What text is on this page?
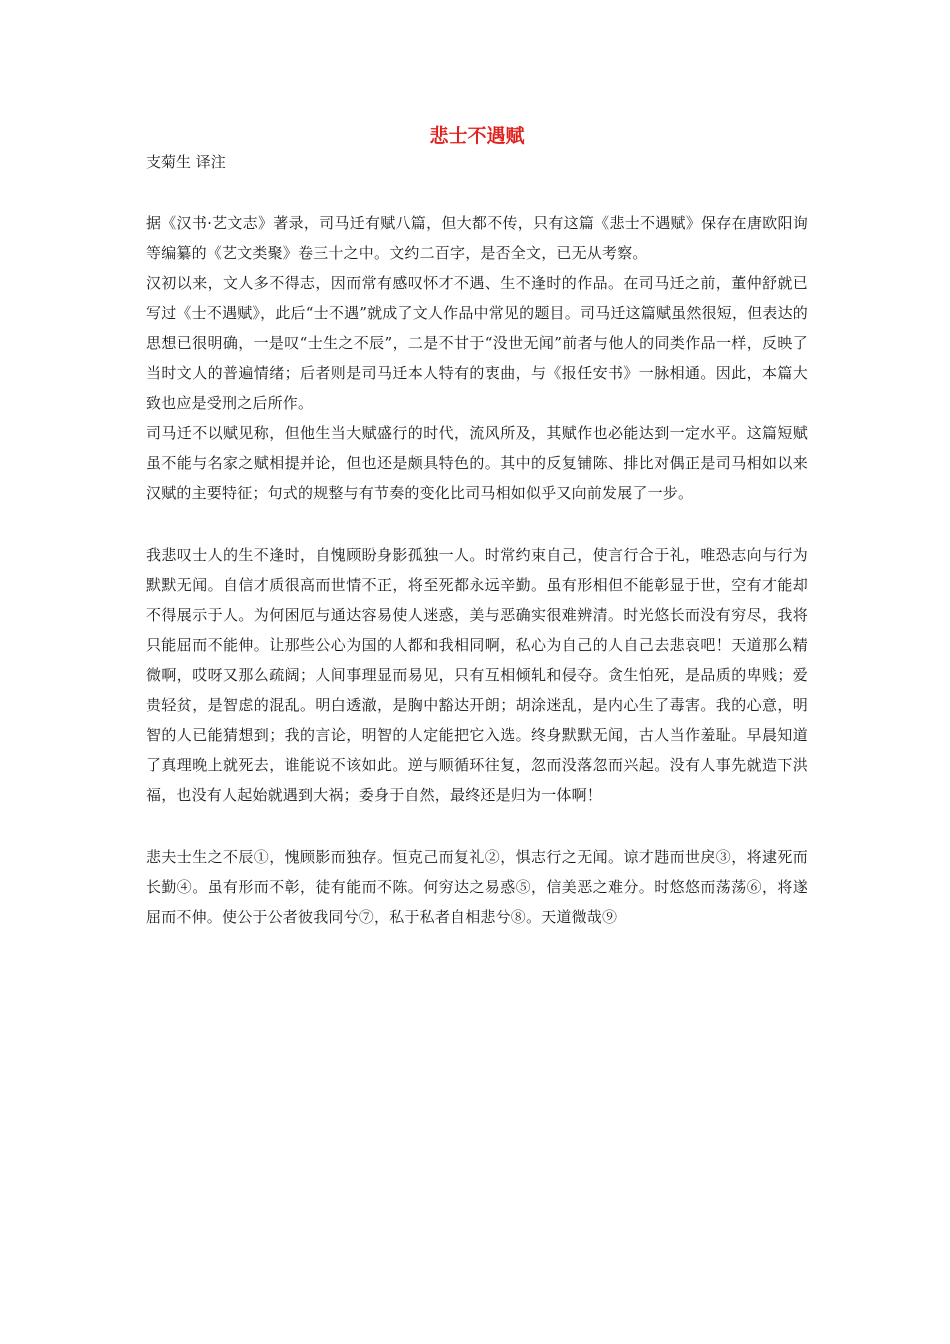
悲士不遇赋
支菊生 译注

据《汉书·艺文志》著录，司马迁有赋八篇，但大都不传，只有这篇《悲士不遇赋》保存在唐欧阳询等编纂的《艺文类聚》卷三十之中。文约二百字，是否全文，已无从考察。

汉初以来，文人多不得志，因而常有感叹怀才不遇、生不逢时的作品。在司马迁之前，董仲舒就已写过《士不遇赋》，此后“士不遇”就成了文人作品中常见的题目。司马迁这篇赋虽然很短，但表达的思想已很明确，一是叹“士生之不辰”，二是不甘于“没世无闻”前者与他人的同类作品一样，反映了当时文人的普遍情绪；后者则是司马迁本人特有的衷曲，与《报任安书》一脉相通。因此，本篇大致也应是受刑之后所作。

司马迁不以赋见称，但他生当大赋盛行的时代，流风所及，其赋作也必能达到一定水平。这篇短赋虽不能与名家之赋相提并论，但也还是颇具特色的。其中的反复铺陈、排比对偶正是司马相如以来汉赋的主要特征；句式的规整与有节奏的变化比司马相如似乎又向前发展了一步。

我悲叹士人的生不逢时，自愧顾盼身影孤独一人。时常约束自己，使言行合于礼，唯恐志向与行为默默无闻。自信才质很高而世情不正，将至死都永远辛勤。虽有形相但不能彰显于世，空有才能却不得展示于人。为何困厄与通达容易使人迷惑，美与恶确实很难辨清。时光悠长而没有穷尽，我将只能屈而不能伸。让那些公心为国的人都和我相同啊，私心为自己的人自己去悲哀吧！天道那么精微啊，哎呀又那么疏阔；人间事理显而易见，只有互相倾轧和侵夺。贪生怕死，是品质的卑贱；爱贵轻贫，是智虑的混乱。明白透澈，是胸中豁达开朗；胡涂迷乱，是内心生了毒害。我的心意，明智的人已能猜想到；我的言论，明智的人定能把它入选。终身默默无闻，古人当作羞耻。早晨知道了真理晚上就死去，谁能说不该如此。逆与顺循环往复，忽而没落忽而兴起。没有人事先就造下洪福，也没有人起始就遇到大祸；委身于自然，最终还是归为一体啊！

悲夫士生之不辰①，愧顾影而独存。恒克己而复礼②，惧志行之无闻。谅才韪而世戾③，将逮死而长勤④。虽有形而不彰，徒有能而不陈。何穷达之易惑⑤，信美恶之难分。时悠悠而荡荡⑥，将遂屈而不伸。使公于公者彼我同兮⑦，私于私者自相悲兮⑧。天道微哉⑨
